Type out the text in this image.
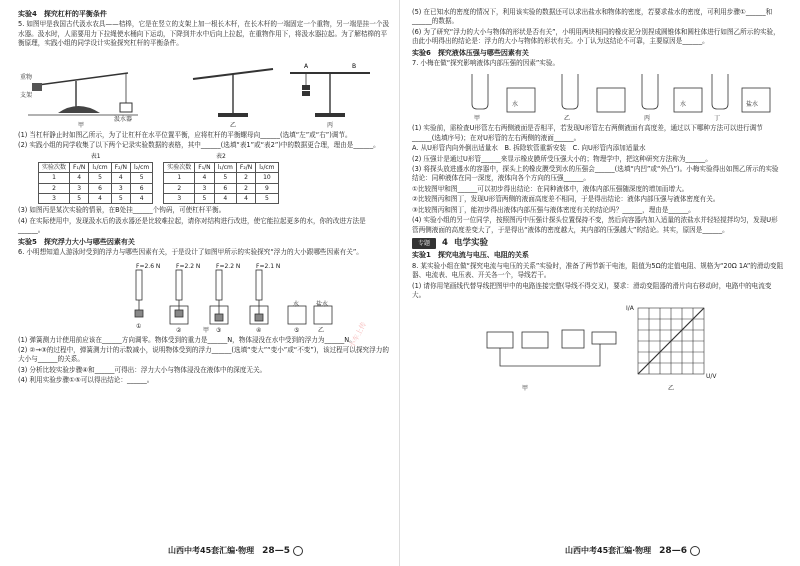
实验4　探究杠杆的平衡条件

5. 如图甲是我国古代汲水农具——桔槔，它是在竖立的支架上加一根长木杆，在长木杆的一端固定一个重物，另一端是挂一个汲水器。汲水时，人需要用力下拉绳使水桶向下运动，下降到井水中后向上拉起，在重物作用下，将汲水器拉起。为了解桔槔的平衡原理，实践小组的同学设计实验探究杠杆的平衡条件。

A	B
重物
支架
汲水器
甲	乙	丙

(1) 当杠杆静止时如图乙所示，为了让杠杆在水平位置平衡，应将杠杆的平衡螺母向______(选填“左”或“右”)调节。

(2) 实践小组的同学收集了以下两个记录实验数据的表格，其中______(选填“表1”或“表2”)中的数据更合理，理由是______。

表1
实验次数	F₁/N	l₁/cm	F₂/N	l₂/cm
1	4	5	4	5
2	3	6	3	6
3	5	4	5	4
表2
实验次数	F₁/N	l₁/cm	F₂/N	l₂/cm
1	4	5	2	10
2	3	6	2	9
3	5	4	4	5

(3) 如图丙是某次实验的情景，在B处挂______个钩码，可使杠杆平衡。

(4) 在实际使用中，发现汲水后的汲水器还是比较难拉起，请你对结构进行改进，使它能拉起更多的水，你的改进方法是______。

实验5　探究浮力大小与哪些因素有关

6. 小明想知道人游泳时受到的浮力与哪些因素有关，于是设计了如图甲所示的实验探究“浮力的大小跟哪些因素有关”。

F=2.6 N	F=2.2 N	F=2.2 N	F=2.1 N
①
②	③	④	⑤
盐水
水
甲	乙

(1) 弹簧测力计使用前应该在______方向调零。物体受到的重力是______N，物体浸没在水中受到的浮力为______N。

(2) ②→③的过程中，弹簧测力计的示数减小，说明物体受到的浮力______(选填“变大”“变小”或“不变”)，该过程可以探究浮力的大小与______的关系。

(3) 分析比较实验步骤④和______可得出：浮力大小与物体浸没在液体中的深度无关。

(4) 利用实验步骤①⑤可以得出结论：______。

山西中考45套汇编·物理 28—5

(5) 在已知水的密度的情况下，利用该实验的数据还可以求出盐水和物体的密度，若要求盐水的密度，可利用步骤①______和______的数据。

(6) 为了研究“浮力的大小与物体的形状是否有关”，小明用两块相同的橡皮泥分别捏成圆锥体和圆柱体进行如图乙所示的实验，由此小明得出的结论是：浮力的大小与物体的形状有关。小丁认为这结论不可靠，主要原因是______。

实验6　探究液体压强与哪些因素有关

7. 小梅在做“探究影响液体内部压强的因素”实验。

甲	乙	丙	丁
水	水	盐水

(1) 实验前，需检查U形管左右两侧液面是否相平，若发现U形管左右两侧液面有高度差，通过以下哪种方法可以进行调节______(选填序号)；在对U形管的左右两侧的液面______。

A. 从U形管内向外倒出适量水　B. 拆除软管重新安装　C. 向U形管内添加适量水

(2) 压强计是通过U形管______来显示橡皮膜所受压强大小的；物理学中，把这种研究方法称为______。

(3) 将探头放进盛水的容器中，探头上的橡皮膜受到水的压强会______(选填“内凹”或“外凸”)。小梅实验得出如图乙所示的实验结论：同种液体在同一深度，液体向各个方向的压强______。

①比较图甲和图______可以初步得出结论：在同种液体中，液体内部压强随深度的增加而增大。

②比较图丙和图丁，发现U形管两侧的液面高度差不相同，于是得出结论：液体内部压强与液体密度有关。

③比较图丙和图丁，能初步得出液体内部压强与液体密度有关的结论吗？______，理由是______。

(4) 实验小组的另一位同学，按照图丙中压强计探头位置保持不变，然后向容器内加入适量的浓盐水并轻轻搅拌均匀，发现U形管两侧液面的高度差变大了，于是得出“液体的密度越大，其内部的压强越大”的结论。其实，原因是______。

专题	4 电学实验
实验1　探究电流与电压、电阻的关系

8. 某实验小组在做“探究电流与电压的关系”实验时，准备了两节新干电池，阻值为5Ω的定值电阻、规格为“20Ω 1A”的滑动变阻器、电流表、电压表、开关各一个，导线若干。

(1) 请你用笔画线代替导线把图甲中的电路连接完整(导线不得交叉)，要求：滑动变阻器的滑片向右移动时，电路中的电流变大。

I/A
U/V
甲	乙
山西中考45套汇编·物理 28—6
小车上传
